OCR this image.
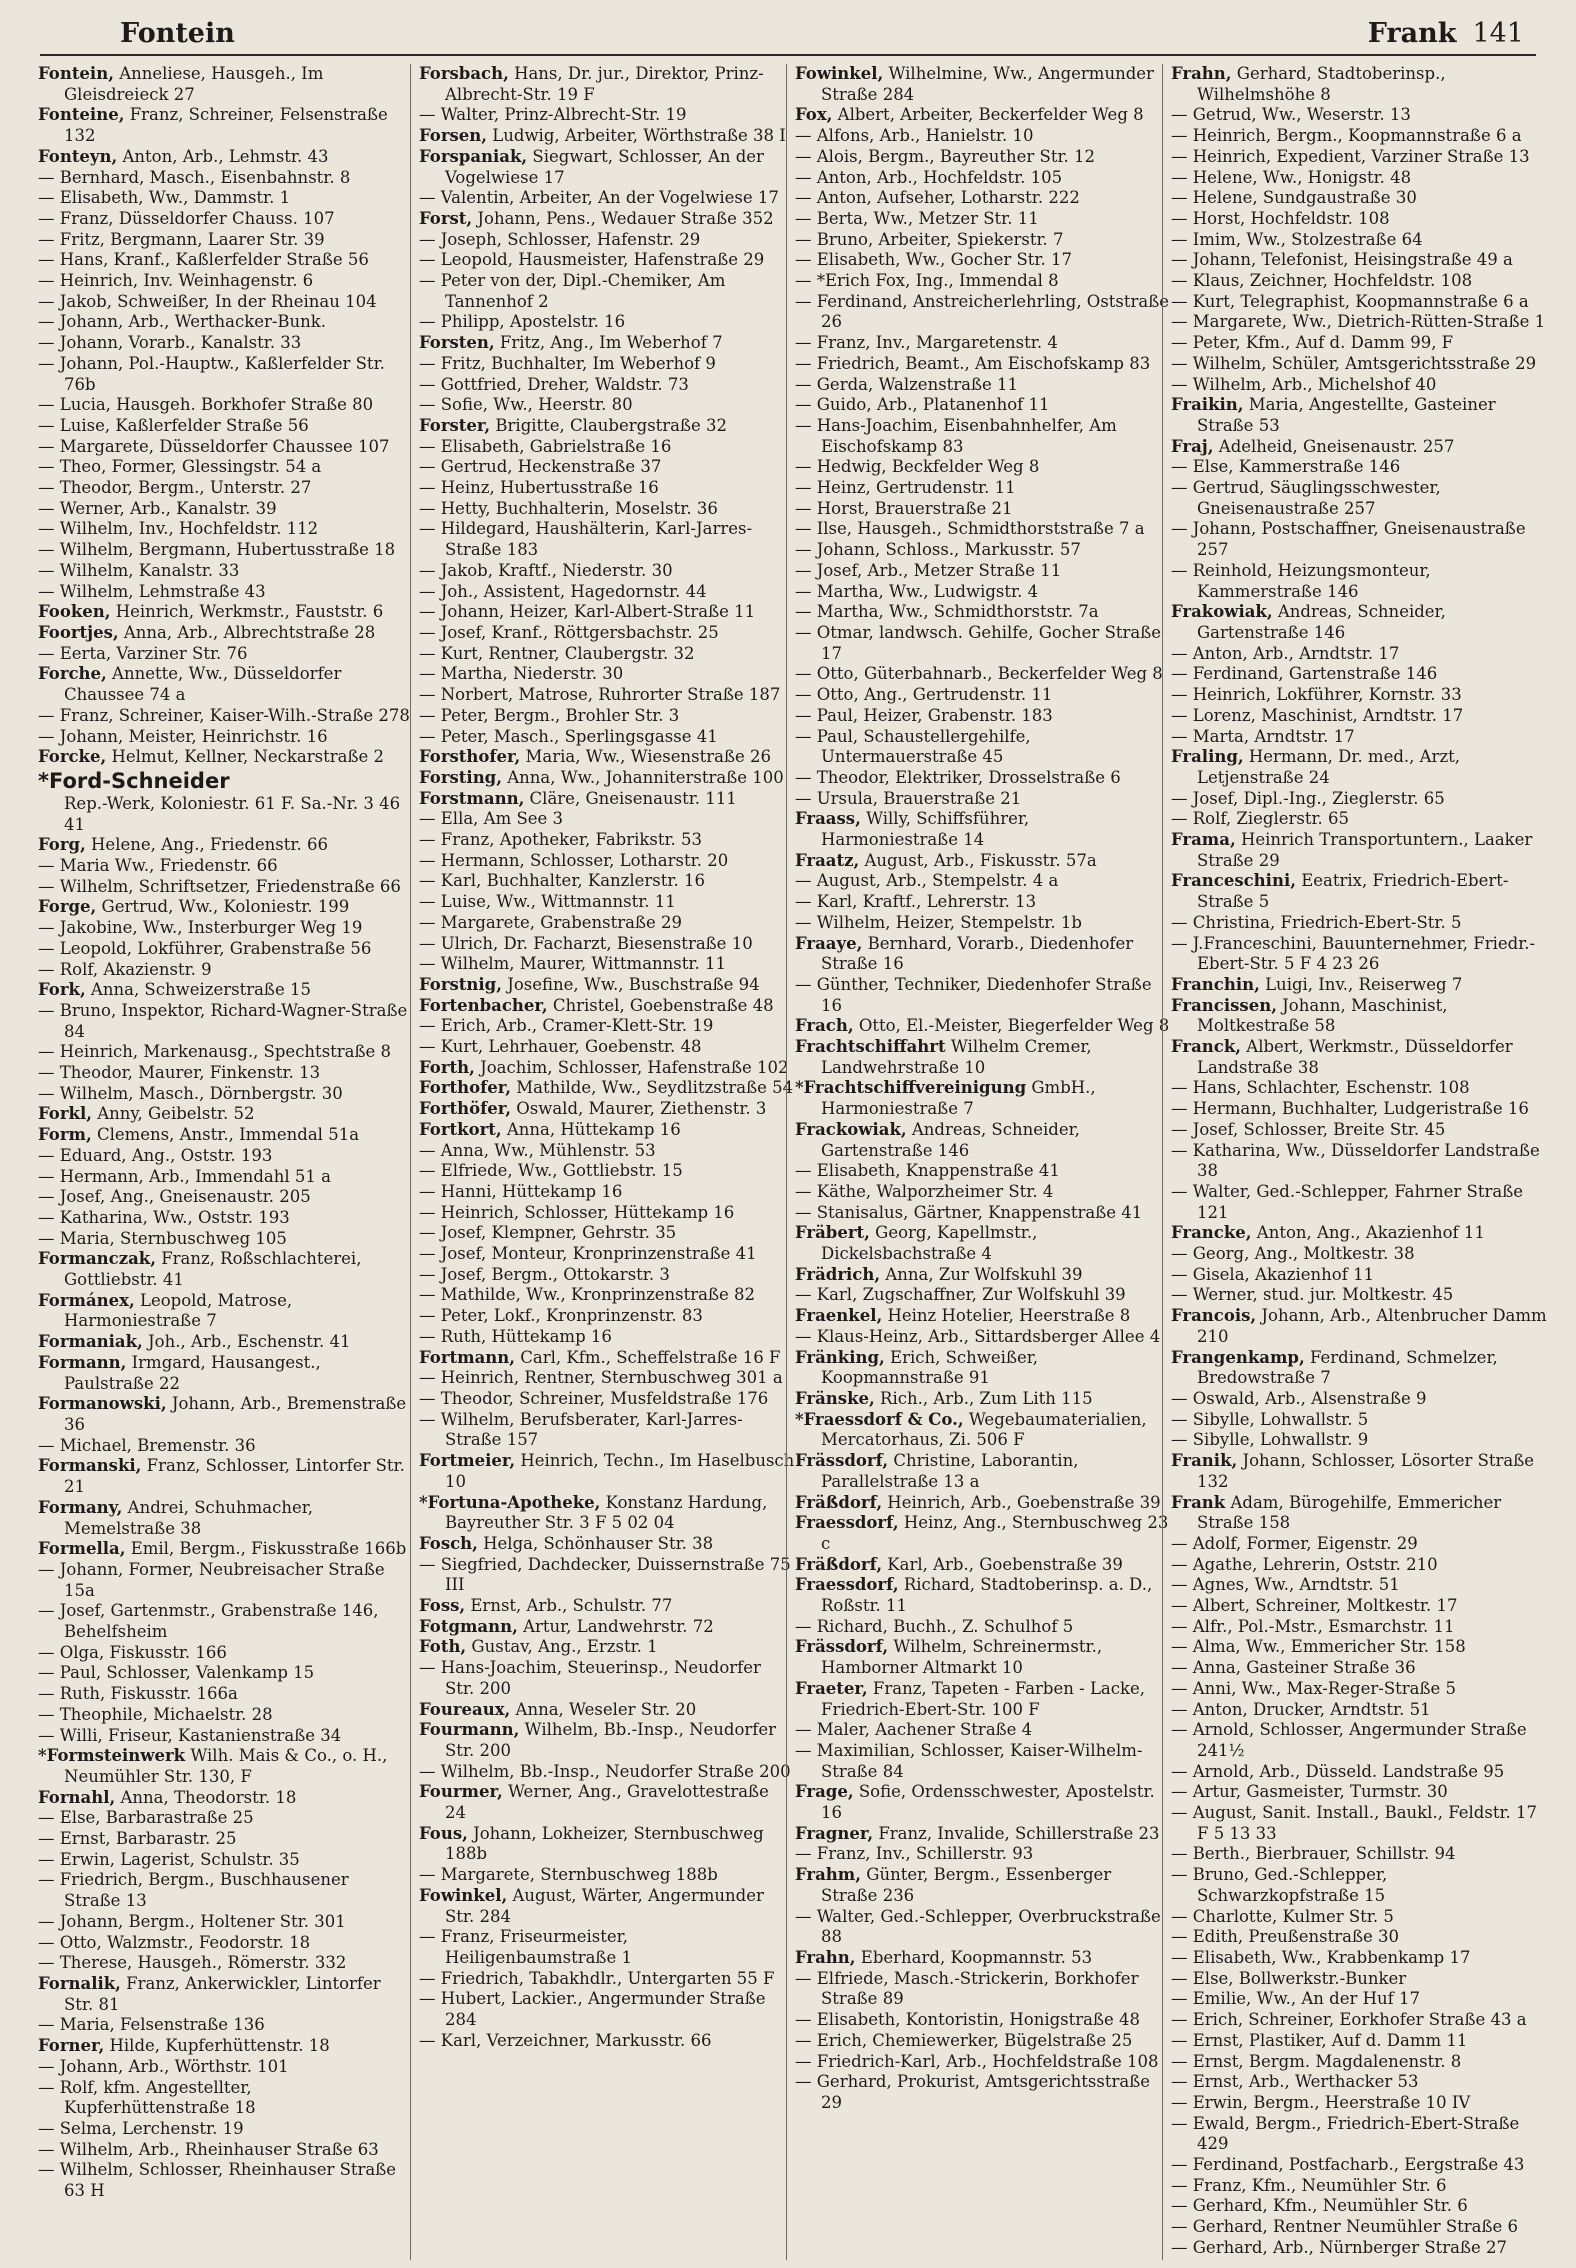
Fontein	Frank 141

Fontein, Anneliese, Hausgeh., Im Gleisdreieck 27

Fonteine, Franz, Schreiner, Felsenstraße 132

Fonteyn, Anton, Arb., Lehmstr. 43

— Bernhard, Masch., Eisenbahnstr. 8

— Elisabeth, Ww., Dammstr. 1

— Franz, Düsseldorfer Chauss. 107

— Fritz, Bergmann, Laarer Str. 39

— Hans, Kranf., Kaßlerfelder Straße 56

— Heinrich, Inv. Weinhagenstr. 6

— Jakob, Schweißer, In der Rheinau 104

— Johann, Arb., Werthacker-Bunk.

— Johann, Vorarb., Kanalstr. 33

— Johann, Pol.-Hauptw., Kaßlerfelder Str. 76b

— Lucia, Hausgeh. Borkhofer Straße 80

— Luise, Kaßlerfelder Straße 56

— Margarete, Düsseldorfer Chaussee 107

— Theo, Former, Glessingstr. 54 a

— Theodor, Bergm., Unterstr. 27

— Werner, Arb., Kanalstr. 39

— Wilhelm, Inv., Hochfeldstr. 112

— Wilhelm, Bergmann, Hubertusstraße 18

— Wilhelm, Kanalstr. 33

— Wilhelm, Lehmstraße 43

Fooken, Heinrich, Werkmstr., Fauststr. 6

Foortjes, Anna, Arb., Albrechtstraße 28

— Eerta, Varziner Str. 76

Forche, Annette, Ww., Düsseldorfer Chaussee 74 a

— Franz, Schreiner, Kaiser-Wilh.-Straße 278

— Johann, Meister, Heinrichstr. 16

Forcke, Helmut, Kellner, Neckarstraße 2

*Ford-Schneider

Rep.-Werk, Koloniestr. 61 F. Sa.-Nr. 3 46 41

Forg, Helene, Ang., Friedenstr. 66

— Maria Ww., Friedenstr. 66

— Wilhelm, Schriftsetzer, Friedenstraße 66

Forge, Gertrud, Ww., Koloniestr. 199

— Jakobine, Ww., Insterburger Weg 19

— Leopold, Lokführer, Grabenstraße 56

— Rolf, Akazienstr. 9

Fork, Anna, Schweizerstraße 15

— Bruno, Inspektor, Richard-Wagner-Straße 84

— Heinrich, Markenausg., Spechtstraße 8

— Theodor, Maurer, Finkenstr. 13

— Wilhelm, Masch., Dörnbergstr. 30

Forkl, Anny, Geibelstr. 52

Form, Clemens, Anstr., Immendal 51a

— Eduard, Ang., Oststr. 193

— Hermann, Arb., Immendahl 51 a

— Josef, Ang., Gneisenaustr. 205

— Katharina, Ww., Oststr. 193

— Maria, Sternbuschweg 105

Formanczak, Franz, Roßschlachterei, Gottliebstr. 41

Formánex, Leopold, Matrose, Harmoniestraße 7

Formaniak, Joh., Arb., Eschenstr. 41

Formann, Irmgard, Hausangest., Paulstraße 22

Formanowski, Johann, Arb., Bremenstraße 36

— Michael, Bremenstr. 36

Formanski, Franz, Schlosser, Lintorfer Str. 21

Formany, Andrei, Schuhmacher, Memelstraße 38

Formella, Emil, Bergm., Fiskusstraße 166b

— Johann, Former, Neubreisacher Straße 15a

— Josef, Gartenmstr., Grabenstraße 146, Behelfsheim

— Olga, Fiskusstr. 166

— Paul, Schlosser, Valenkamp 15

— Ruth, Fiskusstr. 166a

— Theophile, Michaelstr. 28

— Willi, Friseur, Kastanienstraße 34

*Formsteinwerk Wilh. Mais & Co., o. H., Neumühler Str. 130, F

Fornahl, Anna, Theodorstr. 18

— Else, Barbarastraße 25

— Ernst, Barbarastr. 25

— Erwin, Lagerist, Schulstr. 35

— Friedrich, Bergm., Buschhausener Straße 13

— Johann, Bergm., Holtener Str. 301

— Otto, Walzmstr., Feodorstr. 18

— Therese, Hausgeh., Römerstr. 332

Fornalik, Franz, Ankerwickler, Lintorfer Str. 81

— Maria, Felsenstraße 136

Forner, Hilde, Kupferhüttenstr. 18

— Johann, Arb., Wörthstr. 101

— Rolf, kfm. Angestellter, Kupferhüttenstraße 18

— Selma, Lerchenstr. 19

— Wilhelm, Arb., Rheinhauser Straße 63

— Wilhelm, Schlosser, Rheinhauser Straße 63 H

Forsbach, Hans, Dr. jur., Direktor, Prinz-Albrecht-Str. 19 F

— Walter, Prinz-Albrecht-Str. 19

Forsen, Ludwig, Arbeiter, Wörthstraße 38 I

Forspaniak, Siegwart, Schlosser, An der Vogelwiese 17

— Valentin, Arbeiter, An der Vogelwiese 17

Forst, Johann, Pens., Wedauer Straße 352

— Joseph, Schlosser, Hafenstr. 29

— Leopold, Hausmeister, Hafenstraße 29

— Peter von der, Dipl.-Chemiker, Am Tannenhof 2

— Philipp, Apostelstr. 16

Forsten, Fritz, Ang., Im Weberhof 7

— Fritz, Buchhalter, Im Weberhof 9

— Gottfried, Dreher, Waldstr. 73

— Sofie, Ww., Heerstr. 80

Forster, Brigitte, Claubergstraße 32

— Elisabeth, Gabrielstraße 16

— Gertrud, Heckenstraße 37

— Heinz, Hubertusstraße 16

— Hetty, Buchhalterin, Moselstr. 36

— Hildegard, Haushälterin, Karl-Jarres-Straße 183

— Jakob, Kraftf., Niederstr. 30

— Joh., Assistent, Hagedornstr. 44

— Johann, Heizer, Karl-Albert-Straße 11

— Josef, Kranf., Röttgersbachstr. 25

— Kurt, Rentner, Claubergstr. 32

— Martha, Niederstr. 30

— Norbert, Matrose, Ruhrorter Straße 187

— Peter, Bergm., Brohler Str. 3

— Peter, Masch., Sperlingsgasse 41

Forsthofer, Maria, Ww., Wiesenstraße 26

Forsting, Anna, Ww., Johanniterstraße 100

Forstmann, Cläre, Gneisenaustr. 111

— Ella, Am See 3

— Franz, Apotheker, Fabrikstr. 53

— Hermann, Schlosser, Lotharstr. 20

— Karl, Buchhalter, Kanzlerstr. 16

— Luise, Ww., Wittmannstr. 11

— Margarete, Grabenstraße 29

— Ulrich, Dr. Facharzt, Biesenstraße 10

— Wilhelm, Maurer, Wittmannstr. 11

Forstnig, Josefine, Ww., Buschstraße 94

Fortenbacher, Christel, Goebenstraße 48

— Erich, Arb., Cramer-Klett-Str. 19

— Kurt, Lehrhauer, Goebenstr. 48

Forth, Joachim, Schlosser, Hafenstraße 102

Forthofer, Mathilde, Ww., Seydlitzstraße 54

Forthöfer, Oswald, Maurer, Ziethenstr. 3

Fortkort, Anna, Hüttekamp 16

— Anna, Ww., Mühlenstr. 53

— Elfriede, Ww., Gottliebstr. 15

— Hanni, Hüttekamp 16

— Heinrich, Schlosser, Hüttekamp 16

— Josef, Klempner, Gehrstr. 35

— Josef, Monteur, Kronprinzenstraße 41

— Josef, Bergm., Ottokarstr. 3

— Mathilde, Ww., Kronprinzenstraße 82

— Peter, Lokf., Kronprinzenstr. 83

— Ruth, Hüttekamp 16

Fortmann, Carl, Kfm., Scheffelstraße 16 F

— Heinrich, Rentner, Sternbuschweg 301 a

— Theodor, Schreiner, Musfeldstraße 176

— Wilhelm, Berufsberater, Karl-Jarres-Straße 157

Fortmeier, Heinrich, Techn., Im Haselbusch 10

*Fortuna-Apotheke, Konstanz Hardung, Bayreuther Str. 3 F 5 02 04

Fosch, Helga, Schönhauser Str. 38

— Siegfried, Dachdecker, Duissernstraße 75 III

Foss, Ernst, Arb., Schulstr. 77

Fotgmann, Artur, Landwehrstr. 72

Foth, Gustav, Ang., Erzstr. 1

— Hans-Joachim, Steuerinsp., Neudorfer Str. 200

Foureaux, Anna, Weseler Str. 20

Fourmann, Wilhelm, Bb.-Insp., Neudorfer Str. 200

— Wilhelm, Bb.-Insp., Neudorfer Straße 200

Fourmer, Werner, Ang., Gravelottestraße 24

Fous, Johann, Lokheizer, Sternbuschweg 188b

— Margarete, Sternbuschweg 188b

Fowinkel, August, Wärter, Angermunder Str. 284

— Franz, Friseurmeister, Heiligenbaumstraße 1

— Friedrich, Tabakhdlr., Untergarten 55 F

— Hubert, Lackier., Angermunder Straße 284

— Karl, Verzeichner, Markusstr. 66

Fowinkel, Wilhelmine, Ww., Angermunder Straße 284

Fox, Albert, Arbeiter, Beckerfelder Weg 8

— Alfons, Arb., Hanielstr. 10

— Alois, Bergm., Bayreuther Str. 12

— Anton, Arb., Hochfeldstr. 105

— Anton, Aufseher, Lotharstr. 222

— Berta, Ww., Metzer Str. 11

— Bruno, Arbeiter, Spiekerstr. 7

— Elisabeth, Ww., Gocher Str. 17

— *Erich Fox, Ing., Immendal 8

— Ferdinand, Anstreicherlehrling, Oststraße 26

— Franz, Inv., Margaretenstr. 4

— Friedrich, Beamt., Am Eischofskamp 83

— Gerda, Walzenstraße 11

— Guido, Arb., Platanenhof 11

— Hans-Joachim, Eisenbahnhelfer, Am Eischofskamp 83

— Hedwig, Beckfelder Weg 8

— Heinz, Gertrudenstr. 11

— Horst, Brauerstraße 21

— Ilse, Hausgeh., Schmidthorststraße 7 a

— Johann, Schloss., Markusstr. 57

— Josef, Arb., Metzer Straße 11

— Martha, Ww., Ludwigstr. 4

— Martha, Ww., Schmidthorststr. 7a

— Otmar, landwsch. Gehilfe, Gocher Straße 17

— Otto, Güterbahnarb., Beckerfelder Weg 8

— Otto, Ang., Gertrudenstr. 11

— Paul, Heizer, Grabenstr. 183

— Paul, Schaustellergehilfe, Untermauerstraße 45

— Theodor, Elektriker, Drosselstraße 6

— Ursula, Brauerstraße 21

Fraass, Willy, Schiffsführer, Harmoniestraße 14

Fraatz, August, Arb., Fiskusstr. 57a

— August, Arb., Stempelstr. 4 a

— Karl, Kraftf., Lehrerstr. 13

— Wilhelm, Heizer, Stempelstr. 1b

Fraaye, Bernhard, Vorarb., Diedenhofer Straße 16

— Günther, Techniker, Diedenhofer Straße 16

Frach, Otto, El.-Meister, Biegerfelder Weg 8

Frachtschiffahrt Wilhelm Cremer, Landwehrstraße 10

*Frachtschiffvereinigung GmbH., Harmoniestraße 7

Frackowiak, Andreas, Schneider, Gartenstraße 146

— Elisabeth, Knappenstraße 41

— Käthe, Walporzheimer Str. 4

— Stanisalus, Gärtner, Knappenstraße 41

Fräbert, Georg, Kapellmstr., Dickelsbachstraße 4

Frädrich, Anna, Zur Wolfskuhl 39

— Karl, Zugschaffner, Zur Wolfskuhl 39

Fraenkel, Heinz Hotelier, Heerstraße 8

— Klaus-Heinz, Arb., Sittardsberger Allee 4

Fränking, Erich, Schweißer, Koopmannstraße 91

Fränske, Rich., Arb., Zum Lith 115

*Fraessdorf & Co., Wegebaumaterialien, Mercatorhaus, Zi. 506 F

Frässdorf, Christine, Laborantin, Parallelstraße 13 a

Fräßdorf, Heinrich, Arb., Goebenstraße 39

Fraessdorf, Heinz, Ang., Sternbuschweg 23 c

Fräßdorf, Karl, Arb., Goebenstraße 39

Fraessdorf, Richard, Stadtoberinsp. a. D., Roßstr. 11

— Richard, Buchh., Z. Schulhof 5

Frässdorf, Wilhelm, Schreinermstr., Hamborner Altmarkt 10

Fraeter, Franz, Tapeten - Farben - Lacke, Friedrich-Ebert-Str. 100 F

— Maler, Aachener Straße 4

— Maximilian, Schlosser, Kaiser-Wilhelm-Straße 84

Frage, Sofie, Ordensschwester, Apostelstr. 16

Fragner, Franz, Invalide, Schillerstraße 23

— Franz, Inv., Schillerstr. 93

Frahm, Günter, Bergm., Essenberger Straße 236

— Walter, Ged.-Schlepper, Overbruckstraße 88

Frahn, Eberhard, Koopmannstr. 53

— Elfriede, Masch.-Strickerin, Borkhofer Straße 89

— Elisabeth, Kontoristin, Honigstraße 48

— Erich, Chemiewerker, Bügelstraße 25

— Friedrich-Karl, Arb., Hochfeldstraße 108

— Gerhard, Prokurist, Amtsgerichtsstraße 29

Frahn, Gerhard, Stadtoberinsp., Wilhelmshöhe 8

— Getrud, Ww., Weserstr. 13

— Heinrich, Bergm., Koopmannstraße 6 a

— Heinrich, Expedient, Varziner Straße 13

— Helene, Ww., Honigstr. 48

— Helene, Sundgaustraße 30

— Horst, Hochfeldstr. 108

— Imim, Ww., Stolzestraße 64

— Johann, Telefonist, Heisingstraße 49 a

— Klaus, Zeichner, Hochfeldstr. 108

— Kurt, Telegraphist, Koopmannstraße 6 a

— Margarete, Ww., Dietrich-Rütten-Straße 1

— Peter, Kfm., Auf d. Damm 99, F

— Wilhelm, Schüler, Amtsgerichtsstraße 29

— Wilhelm, Arb., Michelshof 40

Fraikin, Maria, Angestellte, Gasteiner Straße 53

Fraj, Adelheid, Gneisenaustr. 257

— Else, Kammerstraße 146

— Gertrud, Säuglingsschwester, Gneisenaustraße 257

— Johann, Postschaffner, Gneisenaustraße 257

— Reinhold, Heizungsmonteur, Kammerstraße 146

Frakowiak, Andreas, Schneider, Gartenstraße 146

— Anton, Arb., Arndtstr. 17

— Ferdinand, Gartenstraße 146

— Heinrich, Lokführer, Kornstr. 33

— Lorenz, Maschinist, Arndtstr. 17

— Marta, Arndtstr. 17

Fraling, Hermann, Dr. med., Arzt, Letjenstraße 24

— Josef, Dipl.-Ing., Zieglerstr. 65

— Rolf, Zieglerstr. 65

Frama, Heinrich Transportuntern., Laaker Straße 29

Franceschini, Eeatrix, Friedrich-Ebert-Straße 5

— Christina, Friedrich-Ebert-Str. 5

— J.Franceschini, Bauunternehmer, Friedr.-Ebert-Str. 5 F 4 23 26

Franchin, Luigi, Inv., Reiserweg 7

Francissen, Johann, Maschinist, Moltkestraße 58

Franck, Albert, Werkmstr., Düsseldorfer Landstraße 38

— Hans, Schlachter, Eschenstr. 108

— Hermann, Buchhalter, Ludgeristraße 16

— Josef, Schlosser, Breite Str. 45

— Katharina, Ww., Düsseldorfer Landstraße 38

— Walter, Ged.-Schlepper, Fahrner Straße 121

Francke, Anton, Ang., Akazienhof 11

— Georg, Ang., Moltkestr. 38

— Gisela, Akazienhof 11

— Werner, stud. jur. Moltkestr. 45

Francois, Johann, Arb., Altenbrucher Damm 210

Frangenkamp, Ferdinand, Schmelzer, Bredowstraße 7

— Oswald, Arb., Alsenstraße 9

— Sibylle, Lohwallstr. 5

— Sibylle, Lohwallstr. 9

Franik, Johann, Schlosser, Lösorter Straße 132

Frank Adam, Bürogehilfe, Emmericher Straße 158

— Adolf, Former, Eigenstr. 29

— Agathe, Lehrerin, Oststr. 210

— Agnes, Ww., Arndtstr. 51

— Albert, Schreiner, Moltkestr. 17

— Alfr., Pol.-Mstr., Esmarchstr. 11

— Alma, Ww., Emmericher Str. 158

— Anna, Gasteiner Straße 36

— Anni, Ww., Max-Reger-Straße 5

— Anton, Drucker, Arndtstr. 51

— Arnold, Schlosser, Angermunder Straße 241½

— Arnold, Arb., Düsseld. Landstraße 95

— Artur, Gasmeister, Turmstr. 30

— August, Sanit. Install., Baukl., Feldstr. 17 F 5 13 33

— Berth., Bierbrauer, Schillstr. 94

— Bruno, Ged.-Schlepper, Schwarzkopfstraße 15

— Charlotte, Kulmer Str. 5

— Edith, Preußenstraße 30

— Elisabeth, Ww., Krabbenkamp 17

— Else, Bollwerkstr.-Bunker

— Emilie, Ww., An der Huf 17

— Erich, Schreiner, Eorkhofer Straße 43 a

— Ernst, Plastiker, Auf d. Damm 11

— Ernst, Bergm. Magdalenenstr. 8

— Ernst, Arb., Werthacker 53

— Erwin, Bergm., Heerstraße 10 IV

— Ewald, Bergm., Friedrich-Ebert-Straße 429

— Ferdinand, Postfacharb., Eergstraße 43

— Franz, Kfm., Neumühler Str. 6

— Gerhard, Kfm., Neumühler Str. 6

— Gerhard, Rentner Neumühler Straße 6

— Gerhard, Arb., Nürnberger Straße 27
